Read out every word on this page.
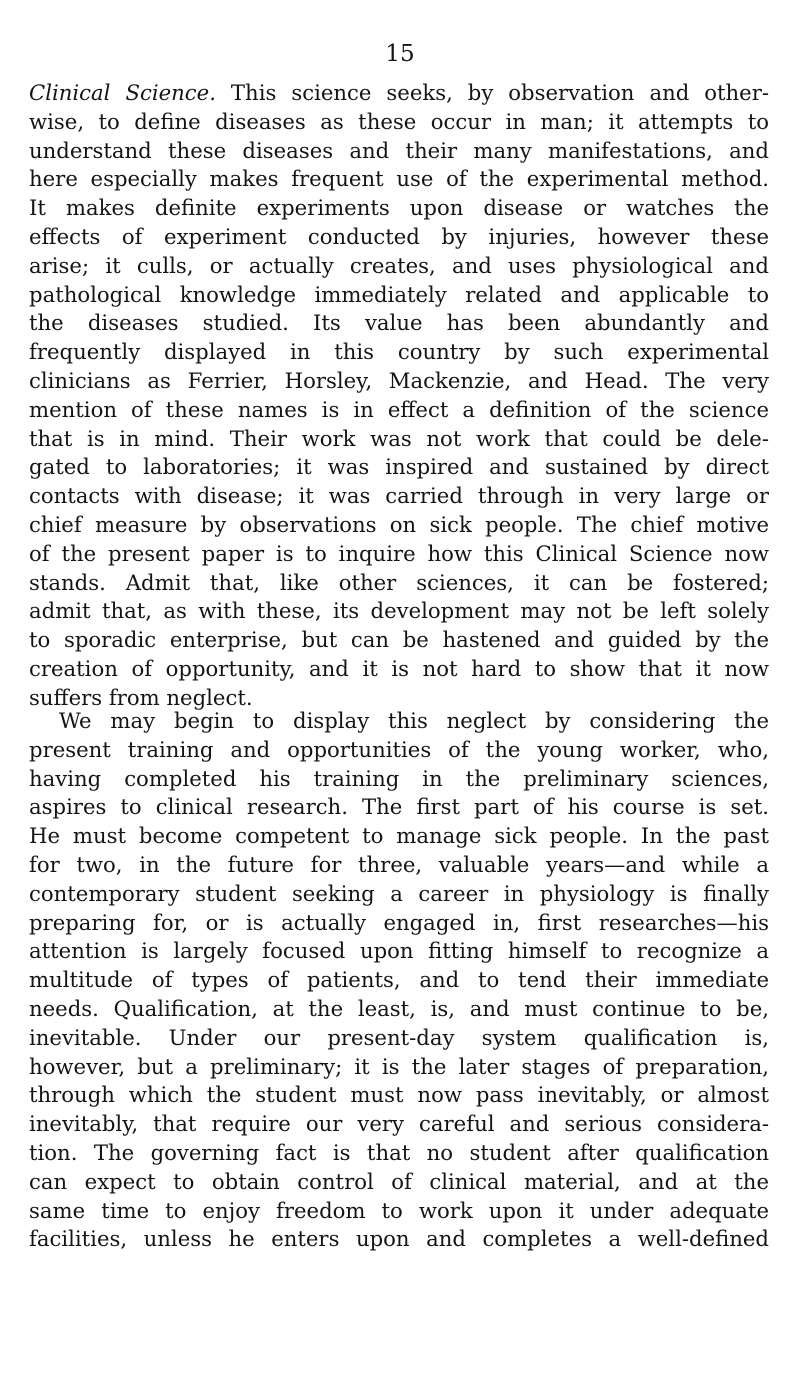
15
Clinical Science. This science seeks, by observation and other-
wise, to define diseases as these occur in man; it attempts to
understand these diseases and their many manifestations, and
here especially makes frequent use of the experimental method.
It makes definite experiments upon disease or watches the
effects of experiment conducted by injuries, however these
arise; it culls, or actually creates, and uses physiological and
pathological knowledge immediately related and applicable to
the diseases studied. Its value has been abundantly and
frequently displayed in this country by such experimental
clinicians as Ferrier, Horsley, Mackenzie, and Head. The very
mention of these names is in effect a definition of the science
that is in mind. Their work was not work that could be dele-
gated to laboratories; it was inspired and sustained by direct
contacts with disease; it was carried through in very large or
chief measure by observations on sick people. The chief motive
of the present paper is to inquire how this Clinical Science now
stands. Admit that, like other sciences, it can be fostered;
admit that, as with these, its development may not be left solely
to sporadic enterprise, but can be hastened and guided by the
creation of opportunity, and it is not hard to show that it now
suffers from neglect.
We may begin to display this neglect by considering the
present training and opportunities of the young worker, who,
having completed his training in the preliminary sciences,
aspires to clinical research. The first part of his course is set.
He must become competent to manage sick people. In the past
for two, in the future for three, valuable years—and while a
contemporary student seeking a career in physiology is finally
preparing for, or is actually engaged in, first researches—his
attention is largely focused upon fitting himself to recognize a
multitude of types of patients, and to tend their immediate
needs. Qualification, at the least, is, and must continue to be,
inevitable. Under our present-day system qualification is,
however, but a preliminary; it is the later stages of preparation,
through which the student must now pass inevitably, or almost
inevitably, that require our very careful and serious considera-
tion. The governing fact is that no student after qualification
can expect to obtain control of clinical material, and at the
same time to enjoy freedom to work upon it under adequate
facilities, unless he enters upon and completes a well-defined
